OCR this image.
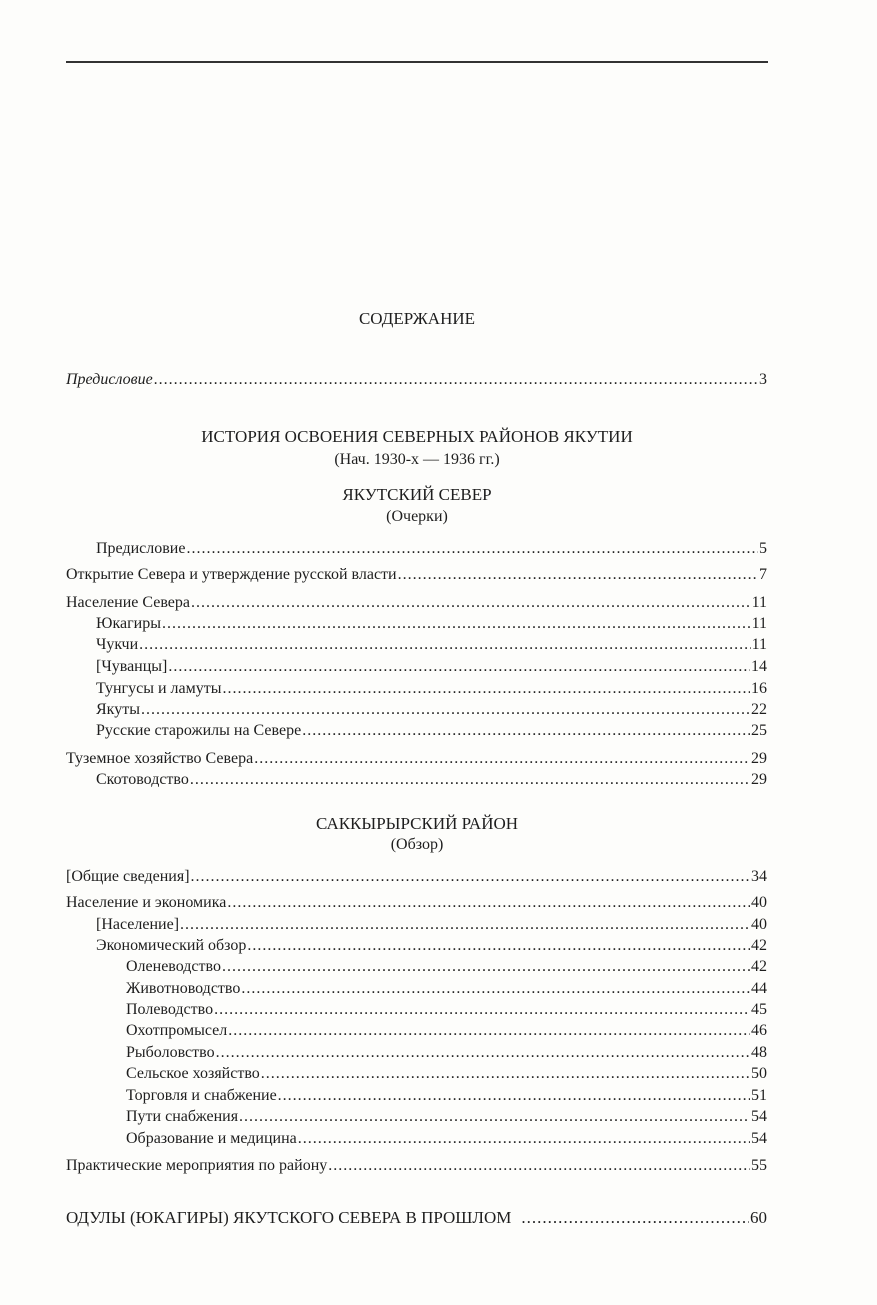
СОДЕРЖАНИЕ
Предисловие .....	3
ИСТОРИЯ ОСВОЕНИЯ СЕВЕРНЫХ РАЙОНОВ ЯКУТИИ
(Нач. 1930-х — 1936 гг.)
ЯКУТСКИЙ СЕВЕР
(Очерки)
Предисловие .....	5
Открытие Севера и утверждение русской власти .....	7
Население Севера .....	11
Юкагиры .....	11
Чукчи .....	11
[Чуванцы] .....	14
Тунгусы и ламуты .....	16
Якуты .....	22
Русские старожилы на Севере .....	25
Туземное хозяйство Севера .....	29
Скотоводство .....	29
САККЫРЫРСКИЙ РАЙОН
(Обзор)
[Общие сведения] .....	34
Население и экономика .....	40
[Население] .....	40
Экономический обзор .....	42
Оленеводство .....	42
Животноводство .....	44
Полеводство .....	45
Охотпромысел .....	46
Рыболовство .....	48
Сельское хозяйство .....	50
Торговля и снабжение .....	51
Пути снабжения .....	54
Образование и медицина .....	54
Практические мероприятия по району .....	55
ОДУЛЫ (ЮКАГИРЫ) ЯКУТСКОГО СЕВЕРА В ПРОШЛОМ .....	60
